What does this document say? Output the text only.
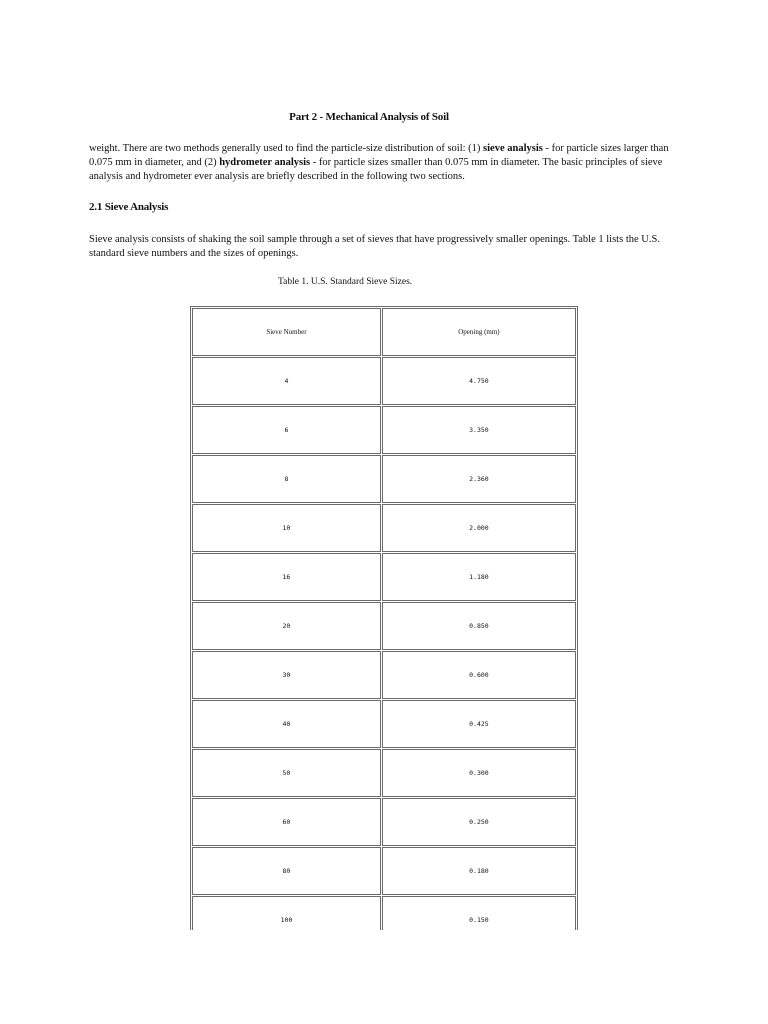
Part 2 - Mechanical Analysis of Soil

weight. There are two methods generally used to find the particle-size distribution of soil: (1) sieve analysis - for particle sizes larger than 0.075 mm in diameter, and (2) hydrometer analysis - for particle sizes smaller than 0.075 mm in diameter. The basic principles of sieve analysis and hydrometer ever analysis are briefly described in the following two sections.

2.1 Sieve Analysis

Sieve analysis consists of shaking the soil sample through a set of sieves that have progressively smaller openings. Table 1 lists the U.S. standard sieve numbers and the sizes of openings.

Table 1. U.S. Standard Sieve Sizes.
Sieve Number	Opening (mm)
4	4.750
6	3.350
8	2.360
10	2.000
16	1.180
20	0.850
30	0.600
40	0.425
50	0.300
60	0.250
80	0.180
100	0.150
